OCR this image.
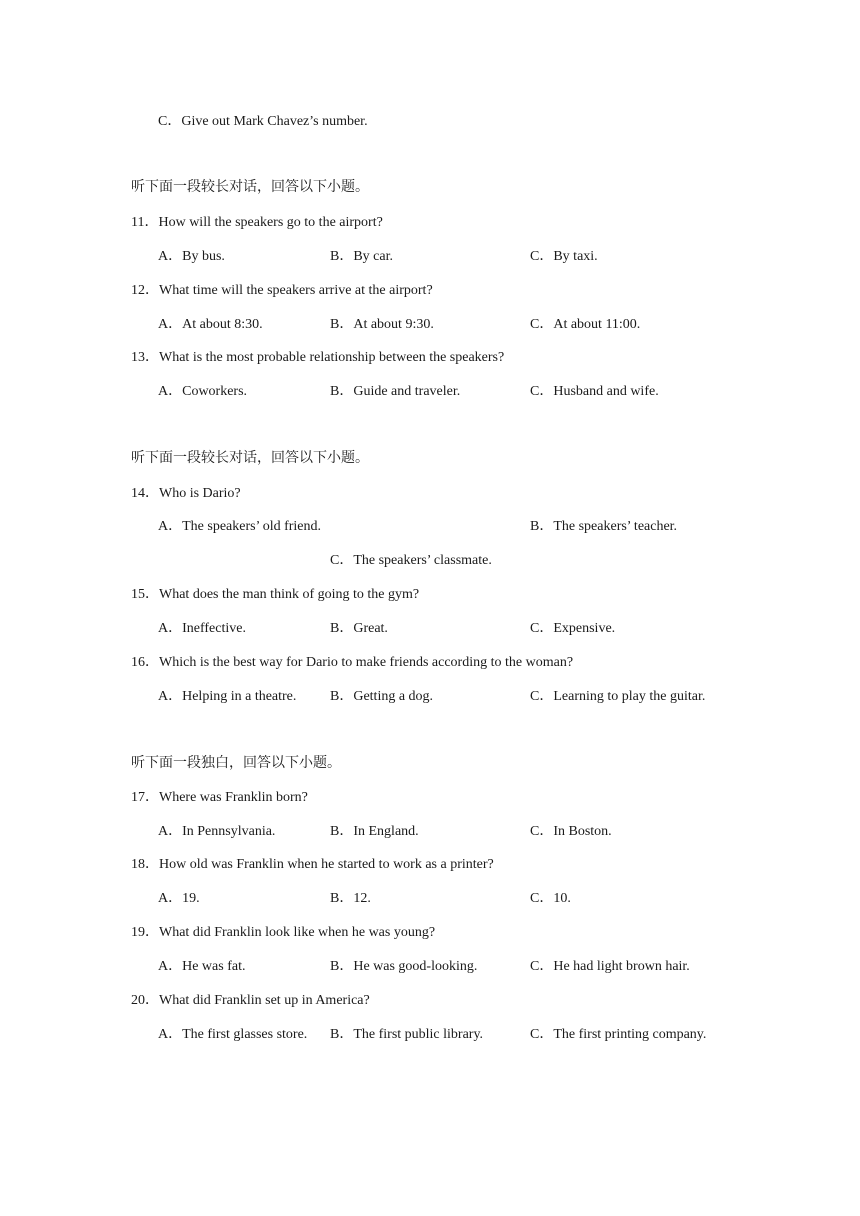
C．Give out Mark Chavez’s number.
听下面一段较长对话，回答以下小题。
11．How will the speakers go to the airport?
A．By bus.	B．By car.	C．By taxi.
12．What time will the speakers arrive at the airport?
A．At about 8:30.	B．At about 9:30.	C．At about 11:00.
13．What is the most probable relationship between the speakers?
A．Coworkers.	B．Guide and traveler.	C．Husband and wife.
听下面一段较长对话，回答以下小题。
14．Who is Dario?
A．The speakers’ old friend.	B．The speakers’ teacher.
C．The speakers’ classmate.
15．What does the man think of going to the gym?
A．Ineffective.	B．Great.	C．Expensive.
16．Which is the best way for Dario to make friends according to the woman?
A．Helping in a theatre. B．Getting a dog.	C．Learning to play the guitar.
听下面一段独白，回答以下小题。
17．Where was Franklin born?
A．In Pennsylvania.	B．In England.	C．In Boston.
18．How old was Franklin when he started to work as a printer?
A．19.	B．12.	C．10.
19．What did Franklin look like when he was young?
A．He was fat.	B．He was good-looking.	C．He had light brown hair.
20．What did Franklin set up in America?
A．The first glasses store. B．The first public library.	C．The first printing company.
